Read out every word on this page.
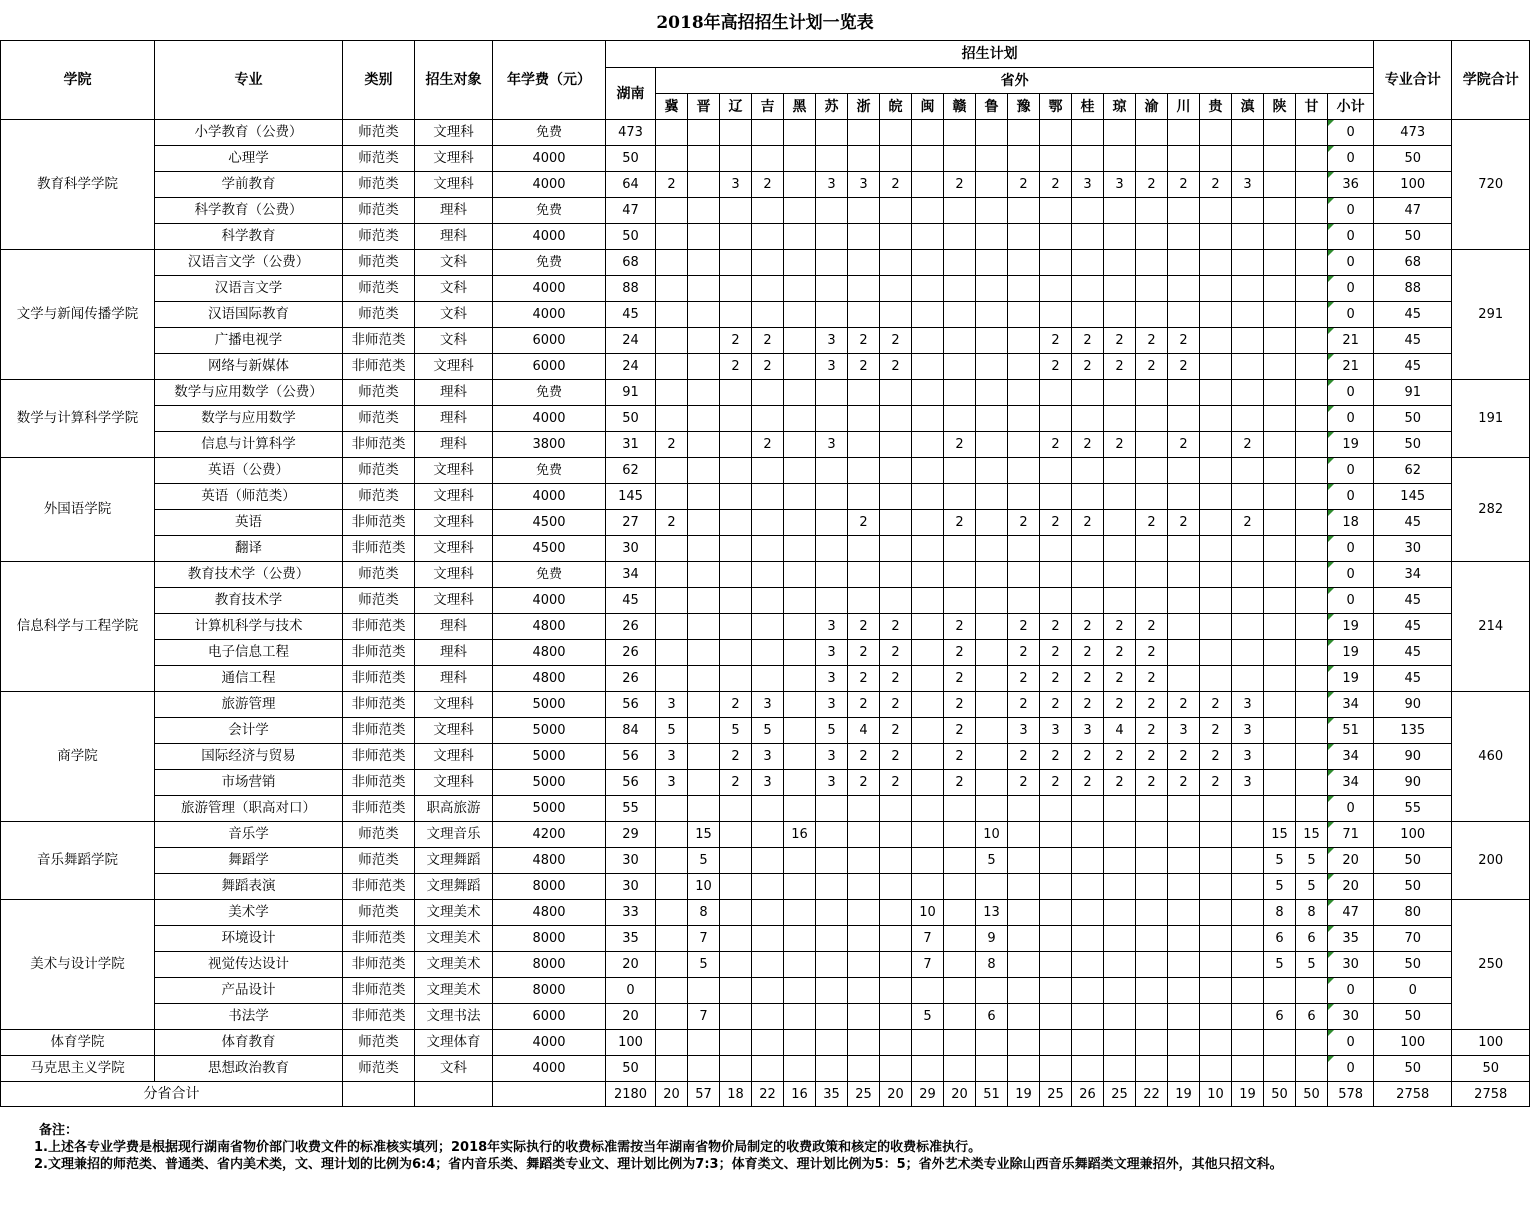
2018年高招招生计划一览表
学院	专业	类别	招生对象	年学费（元）	招生计划																							专业合计	学院合计
					湖南	省外																							
						冀	晋	辽	吉	黑	苏	浙	皖	闽	赣	鲁	豫	鄂	桂	琼	渝	川	贵	滇	陕	甘	小计		
教育科学学院	小学教育（公费）	师范类	文理科	免费	473																						0	473	720
	心理学	师范类	文理科	4000	50																						0	50	
	学前教育	师范类	文理科	4000	64	2		3	2		3	3	2		2		2	2	3	3	2	2	2	3			36	100	
	科学教育（公费）	师范类	理科	免费	47																						0	47	
	科学教育	师范类	理科	4000	50																						0	50	
文学与新闻传播学院	汉语言文学（公费）	师范类	文科	免费	68																						0	68	291
	汉语言文学	师范类	文科	4000	88																						0	88	
	汉语国际教育	师范类	文科	4000	45																						0	45	
	广播电视学	非师范类	文科	6000	24			2	2		3	2	2					2	2	2	2	2					21	45	
	网络与新媒体	非师范类	文理科	6000	24			2	2		3	2	2					2	2	2	2	2					21	45	
数学与计算科学学院	数学与应用数学（公费）	师范类	理科	免费	91																						0	91	191
	数学与应用数学	师范类	理科	4000	50																						0	50	
	信息与计算科学	非师范类	理科	3800	31	2			2		3				2			2	2	2		2		2			19	50	
外国语学院	英语（公费）	师范类	文理科	免费	62																						0	62	282
	英语（师范类）	师范类	文理科	4000	145																						0	145	
	英语	非师范类	文理科	4500	27	2						2			2		2	2	2		2	2		2			18	45	
	翻译	非师范类	文理科	4500	30																						0	30	
信息科学与工程学院	教育技术学（公费）	师范类	文理科	免费	34																						0	34	214
	教育技术学	师范类	文理科	4000	45																						0	45	
	计算机科学与技术	非师范类	理科	4800	26						3	2	2		2		2	2	2	2	2						19	45	
	电子信息工程	非师范类	理科	4800	26						3	2	2		2		2	2	2	2	2						19	45	
	通信工程	非师范类	理科	4800	26						3	2	2		2		2	2	2	2	2						19	45	
商学院	旅游管理	非师范类	文理科	5000	56	3		2	3		3	2	2		2		2	2	2	2	2	2	2	3			34	90	460
	会计学	非师范类	文理科	5000	84	5		5	5		5	4	2		2		3	3	3	4	2	3	2	3			51	135	
	国际经济与贸易	非师范类	文理科	5000	56	3		2	3		3	2	2		2		2	2	2	2	2	2	2	3			34	90	
	市场营销	非师范类	文理科	5000	56	3		2	3		3	2	2		2		2	2	2	2	2	2	2	3			34	90	
	旅游管理（职高对口）	非师范类	职高旅游	5000	55																						0	55	
音乐舞蹈学院	音乐学	师范类	文理音乐	4200	29		15			16						10									15	15	71	100	200
	舞蹈学	师范类	文理舞蹈	4800	30		5									5									5	5	20	50	
	舞蹈表演	非师范类	文理舞蹈	8000	30		10																		5	5	20	50	
美术与设计学院	美术学	师范类	文理美术	4800	33		8							10		13									8	8	47	80	250
	环境设计	非师范类	文理美术	8000	35		7							7		9									6	6	35	70	
	视觉传达设计	非师范类	文理美术	8000	20		5							7		8									5	5	30	50	
	产品设计	非师范类	文理美术	8000	0																						0	0	
	书法学	非师范类	文理书法	6000	20		7							5		6									6	6	30	50	
体育学院	体育教育	师范类	文理体育	4000	100																						0	100	100
马克思主义学院	思想政治教育	师范类	文科	4000	50																						0	50	50
分省合计					2180	20	57	18	22	16	35	25	20	29	20	51	19	25	26	25	22	19	10	19	50	50	578	2758	2758

备注：

1.上述各专业学费是根据现行湖南省物价部门收费文件的标准核实填列；2018年实际执行的收费标准需按当年湖南省物价局制定的收费政策和核定的收费标准执行。

2.文理兼招的师范类、普通类、省内美术类，文、理计划的比例为6:4；省内音乐类、舞蹈类专业文、理计划比例为7:3；体育类文、理计划比例为5：5；省外艺术类专业除山西音乐舞蹈类文理兼招外，其他只招文科。
